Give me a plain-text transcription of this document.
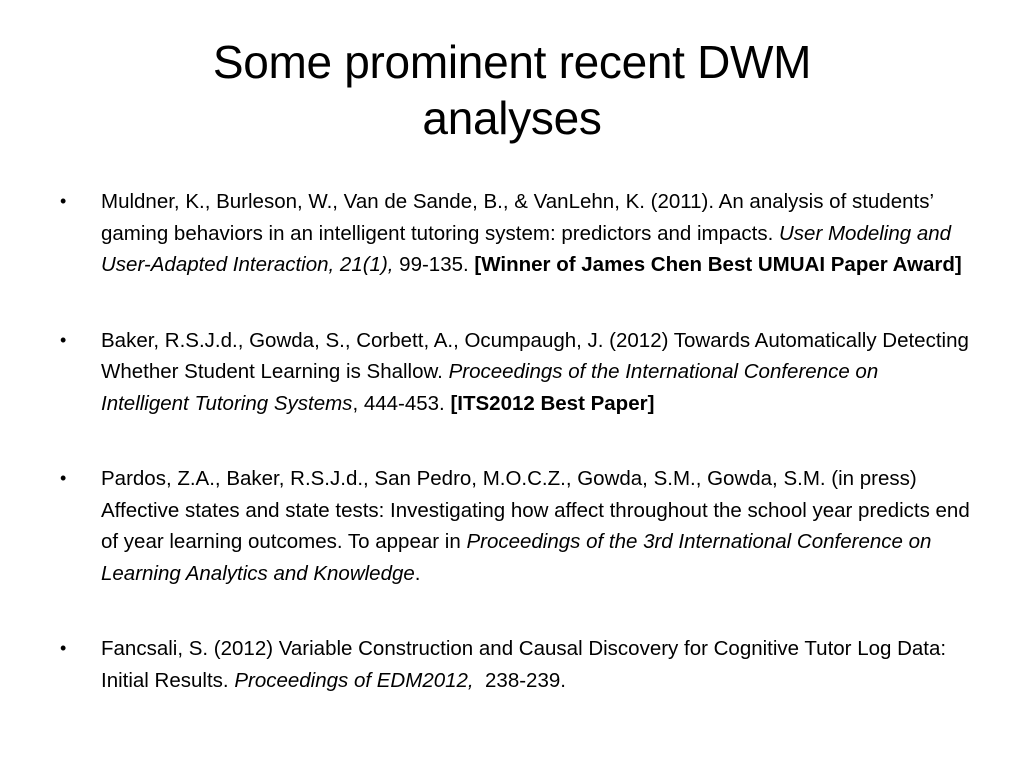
Some prominent recent DWM
analyses
• Muldner, K., Burleson, W., Van de Sande, B., & VanLehn, K. (2011). An analysis of students’ gaming behaviors in an intelligent tutoring system: predictors and impacts. User Modeling and User-Adapted Interaction, 21(1), 99-135. [Winner of James Chen Best UMUAI Paper Award]
• Baker, R.S.J.d., Gowda, S., Corbett, A., Ocumpaugh, J. (2012) Towards Automatically Detecting Whether Student Learning is Shallow. Proceedings of the International Conference on Intelligent Tutoring Systems, 444-453. [ITS2012 Best Paper]
• Pardos, Z.A., Baker, R.S.J.d., San Pedro, M.O.C.Z., Gowda, S.M., Gowda, S.M. (in press) Affective states and state tests: Investigating how affect throughout the school year predicts end of year learning outcomes. To appear in Proceedings of the 3rd International Conference on Learning Analytics and Knowledge.
• Fancsali, S. (2012) Variable Construction and Causal Discovery for Cognitive Tutor Log Data: Initial Results. Proceedings of EDM2012,  238-239.
